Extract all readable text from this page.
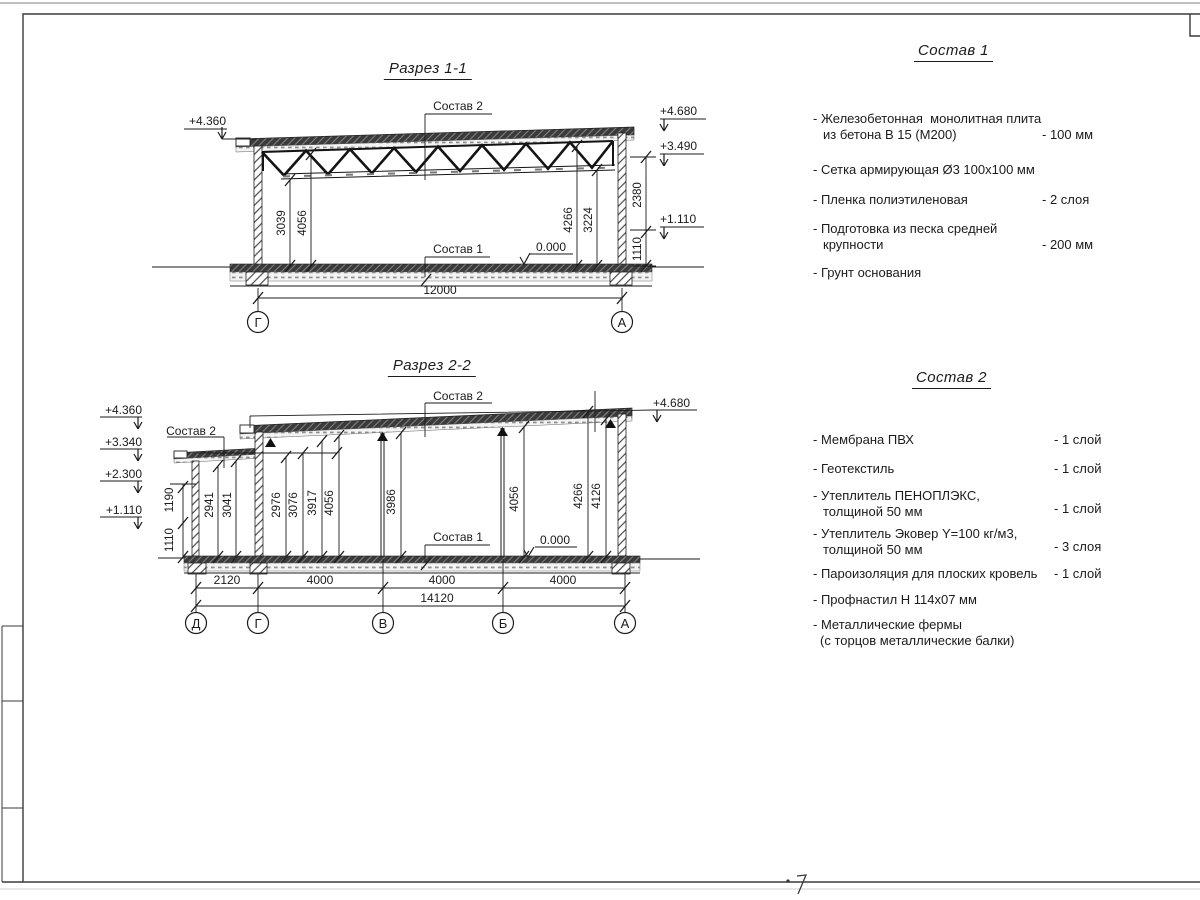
Разрез 1-1
Состав 2
Состав 1	0.000
+4.360
+4.680
+3.490
+1.110
3039 4056	4266 3224
2380
1110
12000
Г	А
Разрез 2-2
Состав 2
Состав 2
Состав 1	0.000
+4.360
+3.340
+2.300
+1.110
+4.680
1190
1110
2941 3041	2976 3076 3917 4056	3986	4056	4266 4126
2120	4000	4000	4000
14120
Д	Г	В	Б	А
Состав 1
- Железобетонная  монолитная плита
из бетона В 15 (М200)	- 100 мм
- Сетка армирующая Ø3 100х100 мм
- Пленка полиэтиленовая	- 2 слоя
- Подготовка из песка средней
крупности	- 200 мм
- Грунт основания
Состав 2
- Мембрана ПВХ	- 1 слой
- Геотекстиль	- 1 слой
- Утеплитель ПЕНОПЛЭКС,
толщиной 50 мм	- 1 слой
- Утеплитель Эковер Y=100 кг/м3,
толщиной 50 мм	- 3 слоя
- Пароизоляция для плоских кровель	- 1 слой
- Профнастил Н 114х07 мм
- Металлические фермы
(с торцов металлические балки)
